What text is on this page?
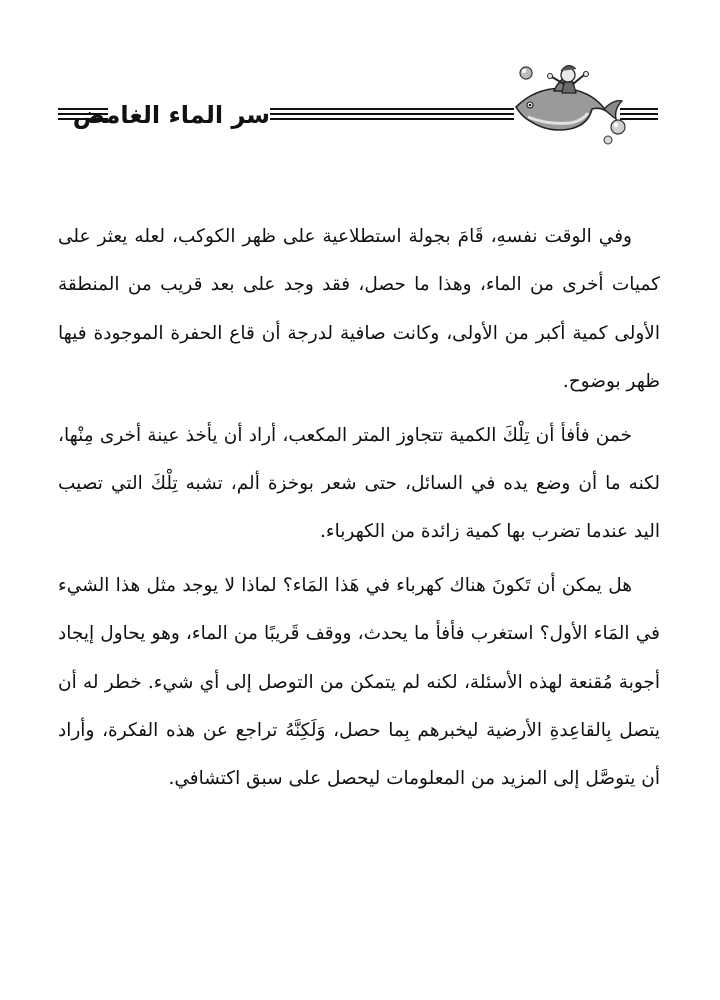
سر الماء الغامض

وفي الوقت نفسهِ، قَامَ بجولة استطلاعية على ظهر الكوكب، لعله يعثر على كميات أخرى من الماء، وهذا ما حصل، فقد وجد على بعد قريب من المنطقة الأولى كمية أكبر من الأولى، وكانت صافية لدرجة أن قاع الحفرة الموجودة فيها ظهر بوضوح.

خمن فأفأ أن تِلْكَ الكمية تتجاوز المتر المكعب، أراد أن يأخذ عينة أخرى مِنْها، لكنه ما أن وضع يده في السائل، حتى شعر بوخزة ألم، تشبه تِلْكَ التي تصيب اليد عندما تضرب بها كمية زائدة من الكهرباء.

هل يمكن أن تَكونَ هناك كهرباء في هَذا المَاء؟ لماذا لا يوجد مثل هذا الشيء في المَاء الأول؟ استغرب فأفأ ما يحدث، ووقف قَريبًا من الماء، وهو يحاول إيجاد أجوبة مُقنعة لهذه الأسئلة، لكنه لم يتمكن من التوصل إلى أي شيء. خطر له أن يتصل بِالقاعِدةِ الأرضية ليخبرهم بِما حصل، وَلَكِنَّهُ تراجع عن هذه الفكرة، وأراد أن يتوصَّل إلى المزيد من المعلومات ليحصل على سبق اكتشافي.
